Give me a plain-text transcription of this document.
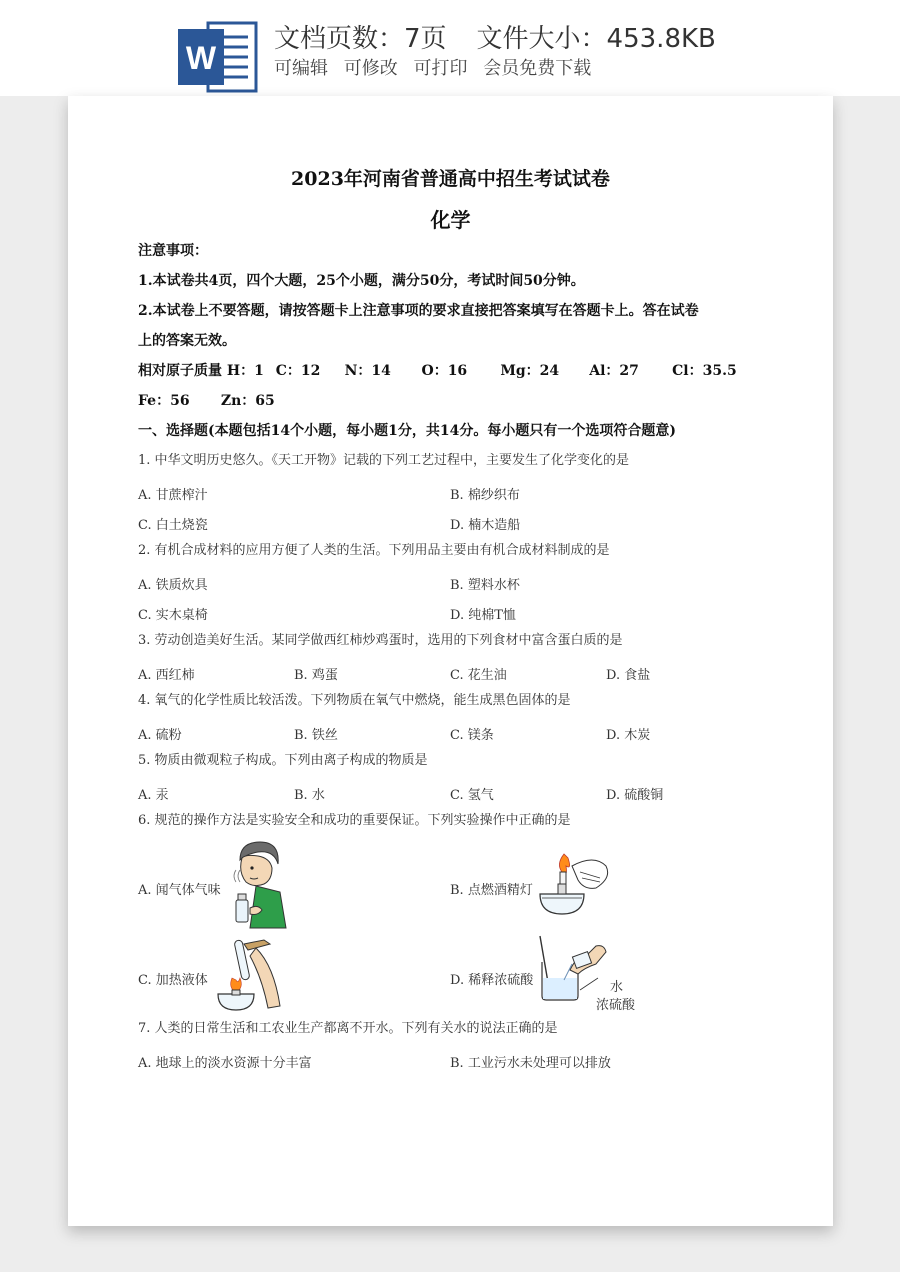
W
文档页数：7页 文件大小：453.8KB
可编辑 可修改 可打印 会员免费下载
2023年河南省普通高中招生考试试卷
化学
注意事项：
1.本试卷共4页，四个大题，25个小题，满分50分，考试时间50分钟。
2.本试卷上不要答题，请按答题卡上注意事项的要求直接把答案填写在答题卡上。答在试卷
上的答案无效。
相对原子质量 H：1 C：12 N：14 O：16 Mg：24 Al：27 Cl：35.5
Fe：56 Zn：65
一、选择题(本题包括14个小题，每小题1分，共14分。每小题只有一个选项符合题意)
1. 中华文明历史悠久。《天工开物》记载的下列工艺过程中，主要发生了化学变化的是
A. 甘蔗榨汁	B. 棉纱织布
C. 白土烧瓷	D. 楠木造船
2. 有机合成材料的应用方便了人类的生活。下列用品主要由有机合成材料制成的是
A. 铁质炊具	B. 塑料水杯
C. 实木桌椅	D. 纯棉T恤
3. 劳动创造美好生活。某同学做西红柿炒鸡蛋时，选用的下列食材中富含蛋白质的是
A. 西红柿	B. 鸡蛋	C. 花生油	D. 食盐
4. 氧气的化学性质比较活泼。下列物质在氧气中燃烧，能生成黑色固体的是
A. 硫粉	B. 铁丝	C. 镁条	D. 木炭
5. 物质由微观粒子构成。下列由离子构成的物质是
A. 汞	B. 水	C. 氢气	D. 硫酸铜
6. 规范的操作方法是实验安全和成功的重要保证。下列实验操作中正确的是
A. 闻气体气味	B. 点燃酒精灯
C. 加热液体	D. 稀释浓硫酸	水
浓硫酸
7. 人类的日常生活和工农业生产都离不开水。下列有关水的说法正确的是
A. 地球上的淡水资源十分丰富	B. 工业污水未处理可以排放
